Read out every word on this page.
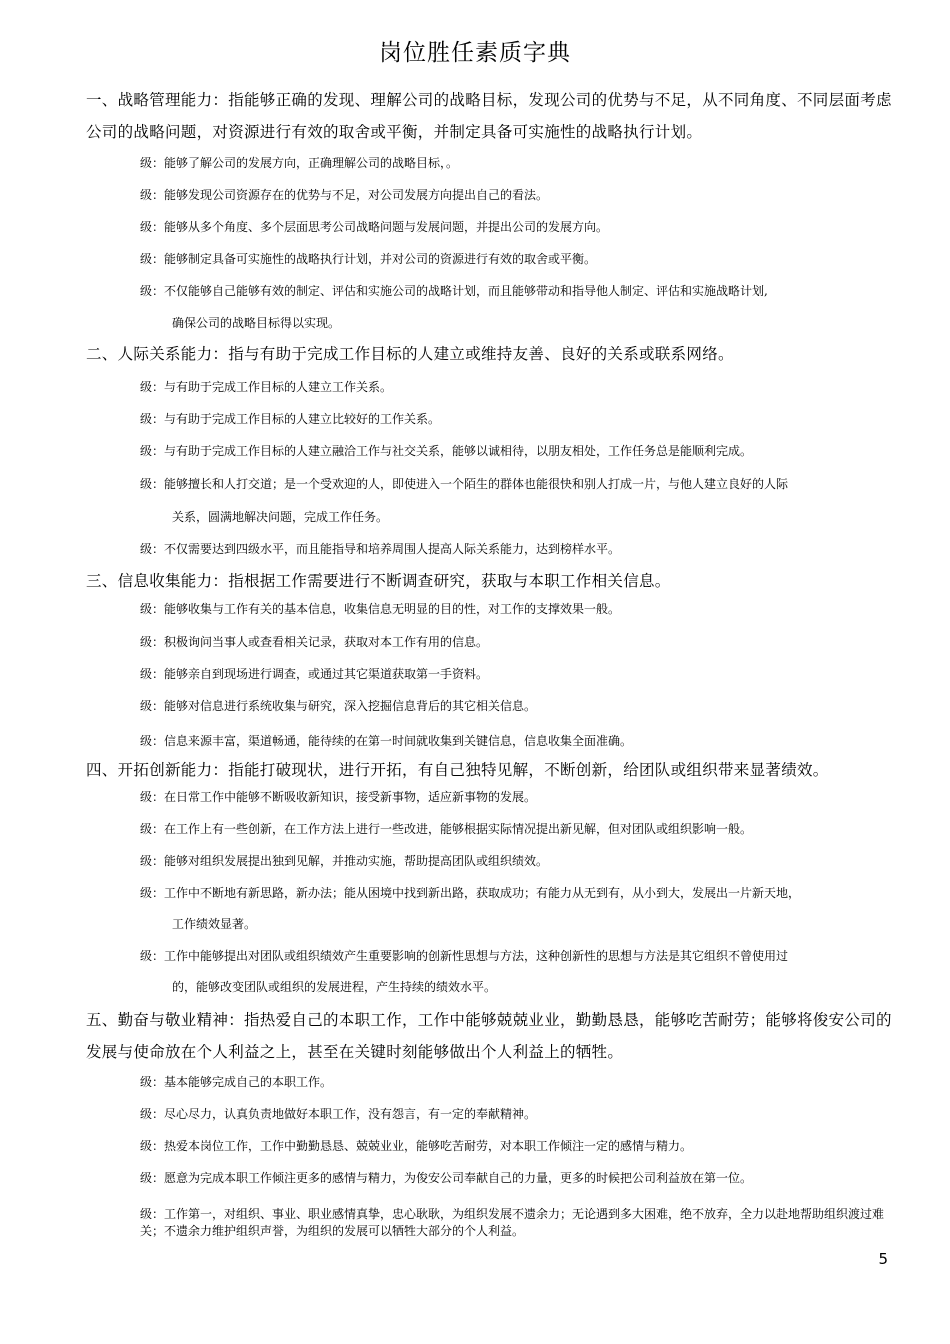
岗位胜任素质字典
一、战略管理能力：指能够正确的发现、理解公司的战略目标，发现公司的优势与不足，从不同角度、不同层面考虑公司的战略问题，对资源进行有效的取舍或平衡，并制定具备可实施性的战略执行计划。
级：能够了解公司的发展方向，正确理解公司的战略目标，。
级：能够发现公司资源存在的优势与不足，对公司发展方向提出自己的看法。
级：能够从多个角度、多个层面思考公司战略问题与发展问题，并提出公司的发展方向。
级：能够制定具备可实施性的战略执行计划，并对公司的资源进行有效的取舍或平衡。
级：不仅能够自己能够有效的制定、评估和实施公司的战略计划，而且能够带动和指导他人制定、评估和实施战略计划,
确保公司的战略目标得以实现。
二、人际关系能力：指与有助于完成工作目标的人建立或维持友善、良好的关系或联系网络。
级：与有助于完成工作目标的人建立工作关系。
级：与有助于完成工作目标的人建立比较好的工作关系。
级：与有助于完成工作目标的人建立融洽工作与社交关系，能够以诚相待，以朋友相处，工作任务总是能顺利完成。
级：能够擅长和人打交道；是一个受欢迎的人，即使进入一个陌生的群体也能很快和别人打成一片，与他人建立良好的人际
关系，圆满地解决问题，完成工作任务。
级：不仅需要达到四级水平，而且能指导和培养周围人提高人际关系能力，达到榜样水平。
三、信息收集能力：指根据工作需要进行不断调查研究，获取与本职工作相关信息。
级：能够收集与工作有关的基本信息，收集信息无明显的目的性，对工作的支撑效果一般。
级：积极询问当事人或查看相关记录，获取对本工作有用的信息。
级：能够亲自到现场进行调查，或通过其它渠道获取第一手资料。
级：能够对信息进行系统收集与研究，深入挖掘信息背后的其它相关信息。
级：信息来源丰富，渠道畅通，能待续的在第一时间就收集到关键信息，信息收集全面准确。
四、开拓创新能力：指能打破现状，进行开拓，有自己独特见解，不断创新，给团队或组织带来显著绩效。
级：在日常工作中能够不断吸收新知识，接受新事物，适应新事物的发展。
级：在工作上有一些创新，在工作方法上进行一些改进，能够根据实际情况提出新见解，但对团队或组织影响一般。
级：能够对组织发展提出独到见解，并推动实施，帮助提高团队或组织绩效。
级：工作中不断地有新思路，新办法；能从困境中找到新出路，获取成功；有能力从无到有，从小到大，发展出一片新天地，
工作绩效显著。
级：工作中能够提出对团队或组织绩效产生重要影响的创新性思想与方法，这种创新性的思想与方法是其它组织不曾使用过
的，能够改变团队或组织的发展进程，产生持续的绩效水平。
五、勤奋与敬业精神：指热爱自己的本职工作，工作中能够兢兢业业，勤勤恳恳，能够吃苦耐劳；能够将俊安公司的发展与使命放在个人利益之上，甚至在关键时刻能够做出个人利益上的牺牲。
级：基本能够完成自己的本职工作。
级：尽心尽力，认真负责地做好本职工作，没有怨言，有一定的奉献精神。
级：热爱本岗位工作，工作中勤勤恳恳、兢兢业业，能够吃苦耐劳，对本职工作倾注一定的感情与精力。
级：愿意为完成本职工作倾注更多的感情与精力，为俊安公司奉献自己的力量，更多的时候把公司利益放在第一位。
级：工作第一，对组织、事业、职业感情真挚，忠心耿耿，为组织发展不遗余力；无论遇到多大困难，绝不放弃，全力以赴地帮助组织渡过难关；不遗余力维护组织声誉，为组织的发展可以牺牲大部分的个人利益。
5
